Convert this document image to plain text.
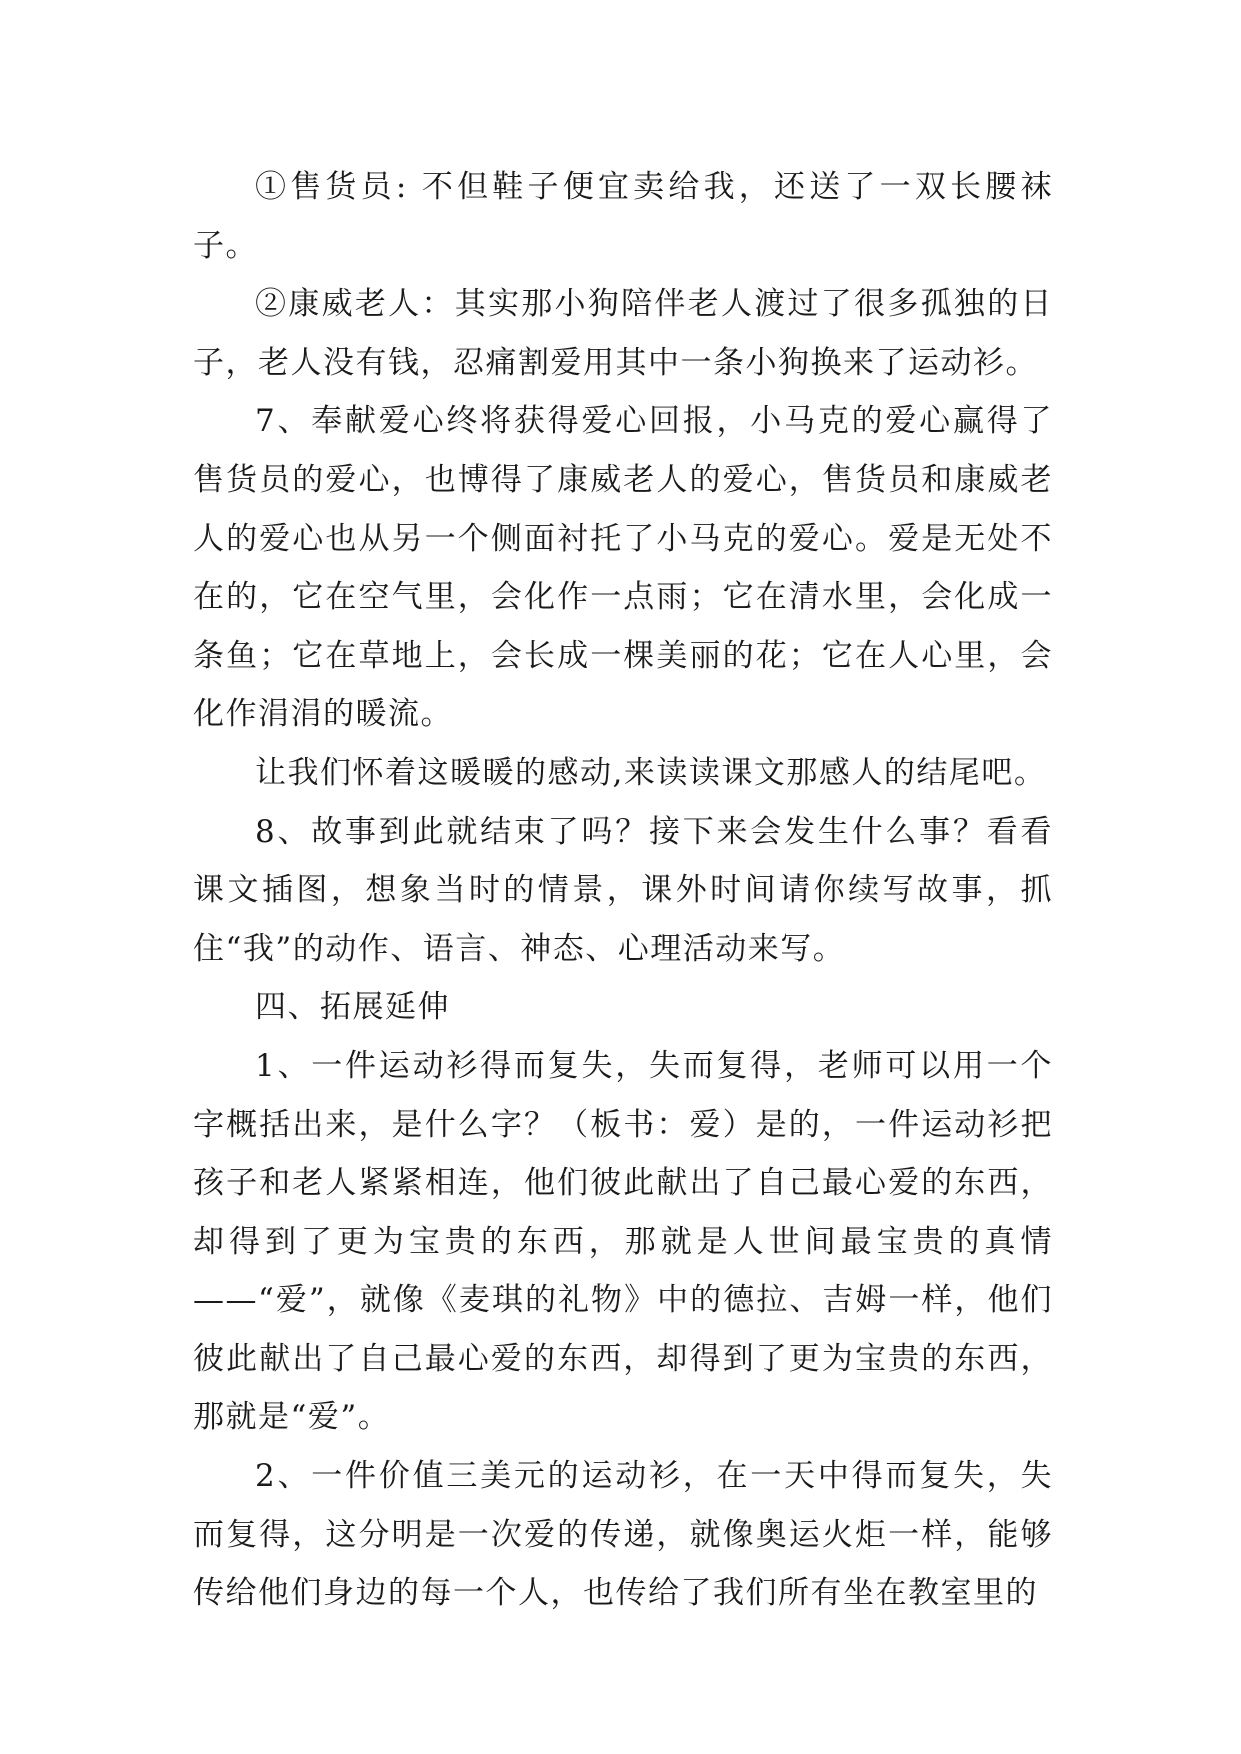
①售货员: 不但鞋子便宜卖给我，还送了一双长腰袜子。

②康威老人：其实那小狗陪伴老人渡过了很多孤独的日子，老人没有钱，忍痛割爱用其中一条小狗换来了运动衫。

7、奉献爱心终将获得爱心回报，小马克的爱心赢得了售货员的爱心，也博得了康威老人的爱心，售货员和康威老人的爱心也从另一个侧面衬托了小马克的爱心。爱是无处不在的，它在空气里，会化作一点雨；它在清水里，会化成一条鱼；它在草地上，会长成一棵美丽的花；它在人心里，会化作涓涓的暖流。

让我们怀着这暖暖的感动,来读读课文那感人的结尾吧。

8、故事到此就结束了吗？接下来会发生什么事？看看课文插图，想象当时的情景，课外时间请你续写故事，抓住“我”的动作、语言、神态、心理活动来写。

四、拓展延伸

1、一件运动衫得而复失，失而复得，老师可以用一个字概括出来，是什么字？（板书：爱）是的，一件运动衫把孩子和老人紧紧相连，他们彼此献出了自己最心爱的东西，却得到了更为宝贵的东西，那就是人世间最宝贵的真情——“爱”，就像《麦琪的礼物》中的德拉、吉姆一样，他们彼此献出了自己最心爱的东西，却得到了更为宝贵的东西，那就是“爱”。

2、一件价值三美元的运动衫，在一天中得而复失，失而复得，这分明是一次爱的传递，就像奥运火炬一样，能够传给他们身边的每一个人，也传给了我们所有坐在教室里的
